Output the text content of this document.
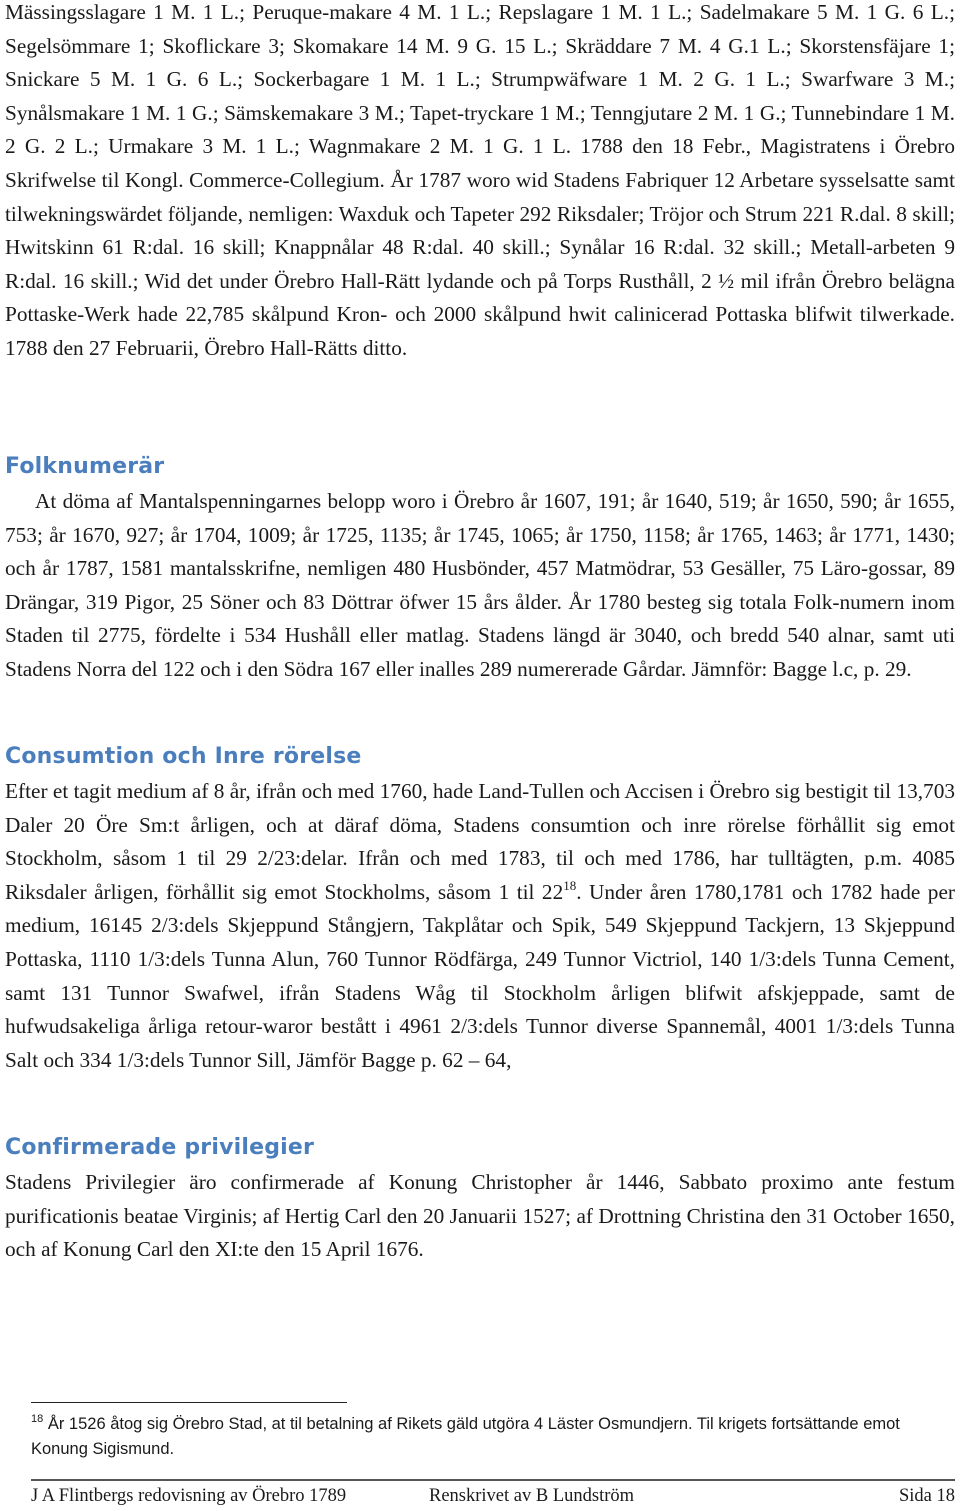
Mässingsslagare 1 M. 1 L.; Peruque-makare 4 M. 1 L.; Repslagare 1 M. 1 L.; Sadelmakare 5 M. 1 G. 6 L.; Segelsömmare 1; Skoflickare 3; Skomakare 14 M. 9 G. 15 L.; Skräddare 7 M. 4 G.1 L.; Skorstensfäjare 1; Snickare 5 M. 1 G. 6 L.; Sockerbagare 1 M. 1 L.; Strumpwäfware 1 M. 2 G. 1 L.; Swarfware 3 M.; Synålsmakare 1 M. 1 G.; Sämskemakare 3 M.; Tapet-tryckare 1 M.; Tenngjutare 2 M. 1 G.; Tunnebindare 1 M. 2 G. 2 L.; Urmakare 3 M. 1 L.; Wagnmakare 2 M. 1 G. 1 L. 1788 den 18 Febr., Magistratens i Örebro Skrifwelse til Kongl. Commerce-Collegium. År 1787 woro wid Stadens Fabriquer 12 Arbetare sysselsatte samt tilwekningswärdet följande, nemligen: Waxduk och Tapeter 292 Riksdaler; Tröjor och Strum 221 R.dal. 8 skill; Hwitskinn 61 R:dal. 16 skill; Knappnålar 48 R:dal. 40 skill.; Synålar 16 R:dal. 32 skill.; Metall-arbeten 9 R:dal. 16 skill.; Wid det under Örebro Hall-Rätt lydande och på Torps Rusthåll, 2 ½ mil ifrån Örebro belägna Pottaske-Werk hade 22,785 skålpund Kron- och 2000 skålpund hwit calinicerad Pottaska blifwit tilwerkade. 1788 den 27 Februarii, Örebro Hall-Rätts ditto.

Folknumerär

At döma af Mantalspenningarnes belopp woro i Örebro år 1607, 191; år 1640, 519; år 1650, 590; år 1655, 753; år 1670, 927; år 1704, 1009; år 1725, 1135; år 1745, 1065; år 1750, 1158; år 1765, 1463; år 1771, 1430; och år 1787, 1581 mantalsskrifne, nemligen 480 Husbönder, 457 Matmödrar, 53 Gesäller, 75 Läro-gossar, 89 Drängar, 319 Pigor, 25 Söner och 83 Döttrar öfwer 15 års ålder. År 1780 besteg sig totala Folk-numern inom Staden til 2775, fördelte i 534 Hushåll eller matlag. Stadens längd är 3040, och bredd 540 alnar, samt uti Stadens Norra del 122 och i den Södra 167 eller inalles 289 numererade Gårdar. Jämnför: Bagge l.c, p. 29.

Consumtion och Inre rörelse

Efter et tagit medium af 8 år, ifrån och med 1760, hade Land-Tullen och Accisen i Örebro sig bestigit til 13,703 Daler 20 Öre Sm:t årligen, och at däraf döma, Stadens consumtion och inre rörelse förhållit sig emot Stockholm, såsom 1 til 29 2/23:delar. Ifrån och med 1783, til och med 1786, har tulltägten, p.m. 4085 Riksdaler årligen, förhållit sig emot Stockholms, såsom 1 til $22^{18}$. Under åren 1780,1781 och 1782 hade per medium, 16145 2/3:dels Skjeppund Stångjern, Takplåtar och Spik, 549 Skjeppund Tackjern, 13 Skjeppund Pottaska, 1110 1/3:dels Tunna Alun, 760 Tunnor Rödfärga, 249 Tunnor Victriol, 140 1/3:dels Tunna Cement, samt 131 Tunnor Swafwel, ifrån Stadens Wåg til Stockholm årligen blifwit afskjeppade, samt de hufwudsakeliga årliga retour-waror bestått i 4961 2/3:dels Tunnor diverse Spannemål, 4001 1/3:dels Tunna Salt och 334 1/3:dels Tunnor Sill, Jämför Bagge p. 62 – 64,

Confirmerade privilegier

Stadens Privilegier äro confirmerade af Konung Christopher år 1446, Sabbato proximo ante festum purificationis beatae Virginis; af Hertig Carl den 20 Januarii 1527; af Drottning Christina den 31 October 1650, och af Konung Carl den XI:te den 15 April 1676.

$^{18}$ År 1526 åtog sig Örebro Stad, at til betalning af Rikets gäld utgöra 4 Läster Osmundjern. Til krigets fortsättande emot Konung Sigismund.
J A Flintbergs redovisning av Örebro 1789	Renskrivet av B Lundström	Sida 18
